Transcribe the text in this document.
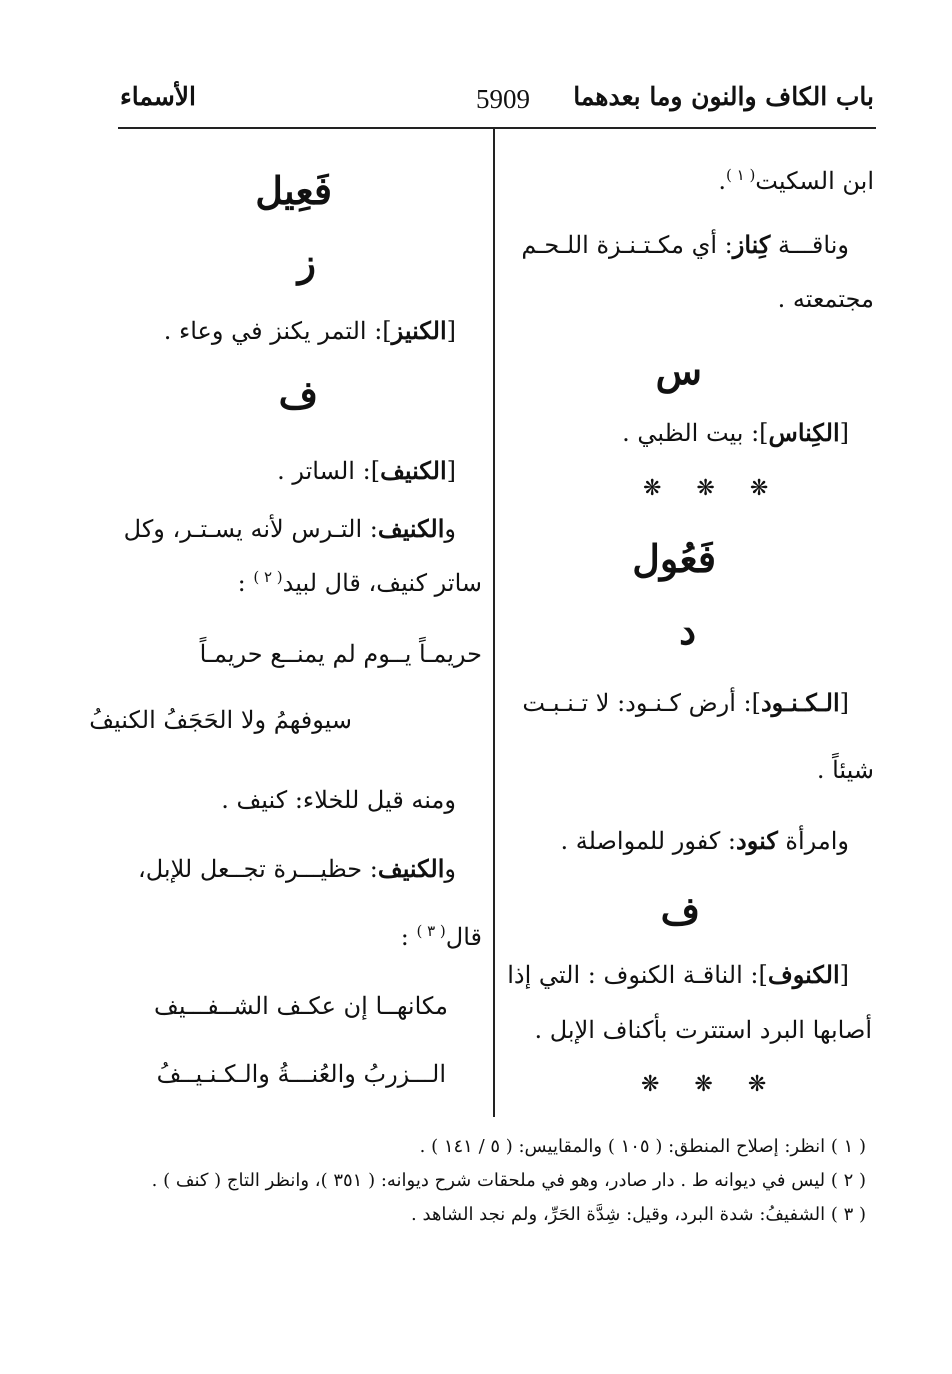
الأسماء	5909 باب الكاف والنون وما بعدهما
ابن السكيت$^{( ١ )}$.
وناقـــة كِناز: أي مكـتـنـزة اللـحـم
مجتمعته .
س
[الكِناس]: بيت الظبي .
❋ ❋ ❋
فَعُول
د
[الـكـنـود]: أرض كـنـود: لا تـنـبـت
شيئاً .
وامرأة كنود: كفور للمواصلة .
ف
[الكنوف]: الناقـة الكنوف : التي إذا
أصابها البرد استترت بأكناف الإبل .
❋ ❋ ❋
فَعِيل
ز
[الكنيز]: التمر يكنز في وعاء .
ف
[الكنيف]: الساتر .
والكنيف: التـرس لأنه يسـتـر، وكل
ساتر كنيف، قال لبيد$^{( ٢ )}$ :
حريمـاً يــوم لم يمنــع حريمـاً
سيوفهمُ ولا الحَجَفُ الكنيفُ
ومنه قيل للخلاء: كنيف .
والكنيف: حظيـــرة تجــعل للإبل،
قال$^{( ٣ )}$ :
مكانهــا إن عكـف الشــفـــيف
الـــزربُ والعُنـــةُ والـكـنـيــفُ
( ١ ) انظر: إصلاح المنطق: ( ١٠٥ ) والمقاييس: ( ٥ / ١٤١ ) .
( ٢ ) ليس في ديوانه ط . دار صادر، وهو في ملحقات شرح ديوانه: ( ٣٥١ )، وانظر التاج ( كنف ) .
( ٣ ) الشفيفُ: شدة البرد، وقيل: شِدَّة الحَرِّ، ولم نجد الشاهد .
